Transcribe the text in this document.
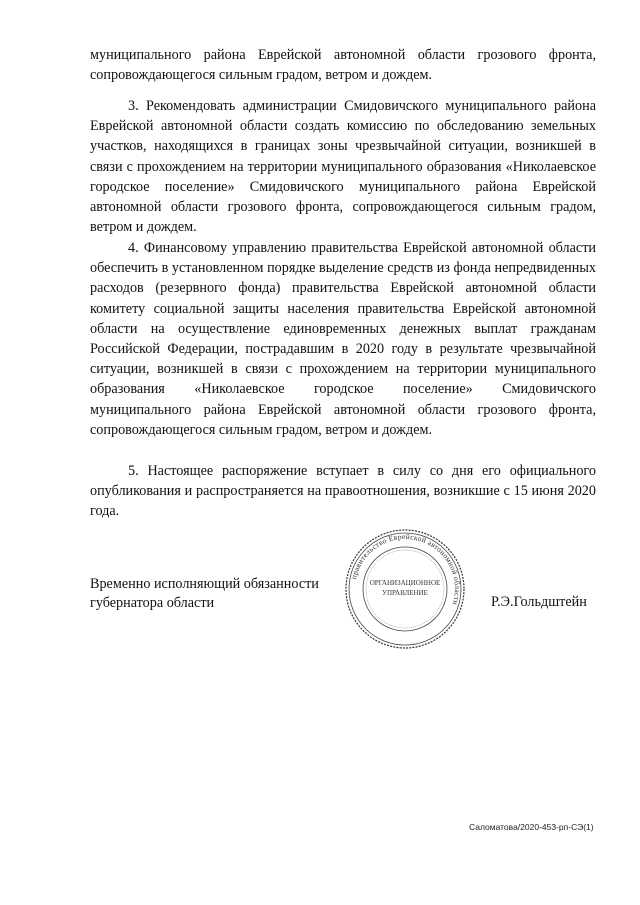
муниципального района Еврейской автономной области грозового фронта, сопровождающегося сильным градом, ветром и дождем.

3. Рекомендовать администрации Смидовичского муниципального района Еврейской автономной области создать комиссию по обследованию земельных участков, находящихся в границах зоны чрезвычайной ситуации, возникшей в связи с прохождением на территории муниципального образования «Николаевское городское поселение» Смидовичского муниципального района Еврейской автономной области грозового фронта, сопровождающегося сильным градом, ветром и дождем.

4. Финансовому управлению правительства Еврейской автономной области обеспечить в установленном порядке выделение средств из фонда непредвиденных расходов (резервного фонда) правительства Еврейской автономной области комитету социальной защиты населения правительства Еврейской автономной области на осуществление единовременных денежных выплат гражданам Российской Федерации, пострадавшим в 2020 году в результате чрезвычайной ситуации, возникшей в связи с прохождением на территории муниципального образования «Николаевское городское поселение» Смидовичского муниципального района Еврейской автономной области грозового фронта, сопровождающегося сильным градом, ветром и дождем.

5. Настоящее распоряжение вступает в силу со дня его официального опубликования и распространяется на правоотношения, возникшие с 15 июня 2020 года.

Временно исполняющий обязанности
губернатора области
правительство Еврейской автономной области
ОРГАНИЗАЦИОННОЕ
УПРАВЛЕНИЕ
Р.Э.Гольдштейн
Саломатова/2020-453-рп-СЭ(1)
